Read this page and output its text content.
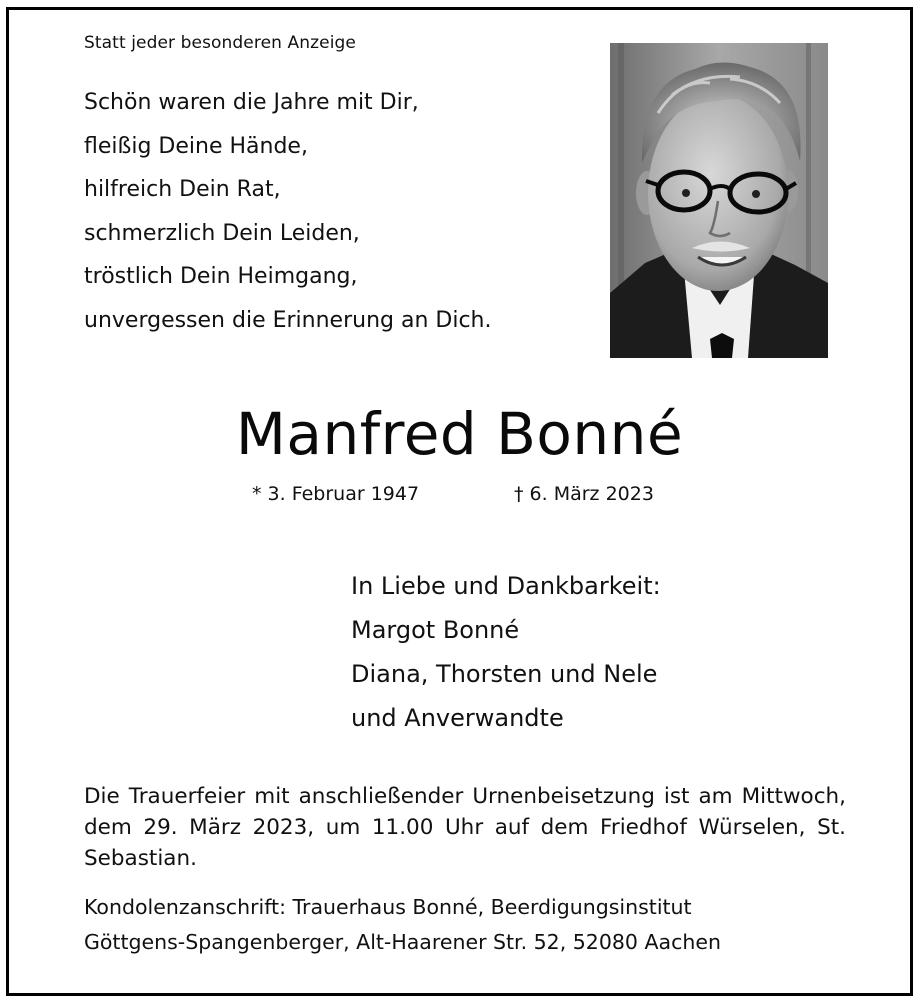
Statt jeder besonderen Anzeige
Schön waren die Jahre mit Dir,
fleißig Deine Hände,
hilfreich Dein Rat,
schmerzlich Dein Leiden,
tröstlich Dein Heimgang,
unvergessen die Erinnerung an Dich.
Manfred Bonné
* 3. Februar 1947	† 6. März 2023
In Liebe und Dankbarkeit:
Margot Bonné
Diana, Thorsten und Nele
und Anverwandte
Die Trauerfeier mit anschließender Urnenbeisetzung ist am Mittwoch, dem 29. März 2023, um 11.00 Uhr auf dem Friedhof Würselen, St. Sebastian.
Kondolenzanschrift: Trauerhaus Bonné, Beerdigungsinstitut
Göttgens-Spangenberger, Alt-Haarener Str. 52, 52080 Aachen
